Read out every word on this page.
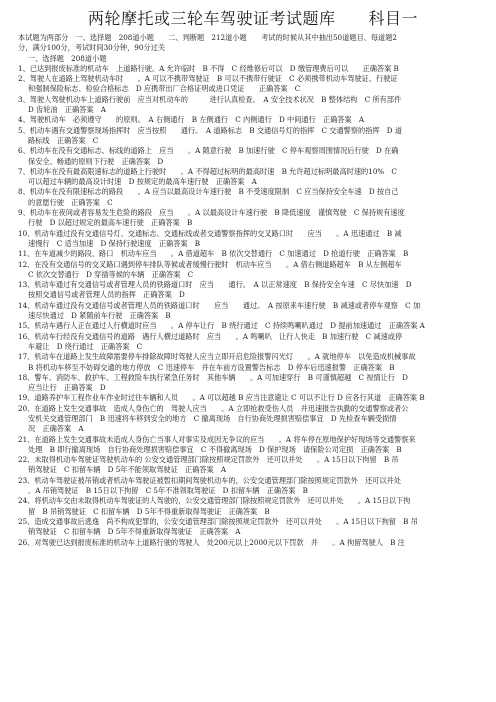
两轮摩托或三轮车驾驶证考试题库　　科目一
本试题为两部分　一、选择题　208道小题　　二、判断题　212道小题　　考试的时候从其中抽出50道题目、每道题2
分，满分100分，考试时间30分钟，90分过关
一、选择题　208道小题
1、已达到报废标准的机动车　上道路行驶。A 允许临时　B 不得　C 经维修后可以　D 缴管理费后可以　　正确答案 B
2、驾驶人在道路上驾驶机动车时　　。A 可以不携带驾驶证　B 可以不携带行驶证　C 必须携带机动车驾驶证、行驶证
和强制保险标志、检验合格标志　D 应携带出厂合格证明或进口凭证　　正确答案　C
3、驾驶人驾驶机动车上道路行驶前　应当对机动车的　　　进行认真检查。　A 安全技术状况　B 整体结构　C 所有部件
D 齿轮油　正确答案　A
4、驾驶机动车　必须遵守　　的原则。　A 右侧通行　B 左侧通行　C 内侧通行　D 中间通行　正确答案　A
5、机动车遇有交通警察现场指挥时　应当按照　　通行。　A 道路标志　B 交通信号灯的指挥　C 交通警察的指挥　D 道
路标线　正确答案　C
6、机动车在没有交通标志、标线的道路上　应当　　。A 随意行驶　B 加速行驶　C 停车观察周围情况后行驶　D 在确
保安全、畅通的原则下行驶　正确答案　D
7、机动车在没有最高限速标志的道路上行驶时　　。A 不得超过标明的最高时速　B 允许超过标明最高时速的10%　C
可以超过车辆的最高设计时速　D 按规定的最高车速行驶　正确答案　A
8、机动车在没有限速标志的路段　　。A 应当以最高设计车速行驶　B 不受速度限制　C 应当保持安全车速　D 按自己
的意愿行驶　正确答案　C
9、机动车在夜间或者容易发生危险的路段　应当　　。A 以最高设计车速行驶　B 降低速度　谨慎驾驶　C 保持规有速度
行驶　D 以超过规定的最高车速行驶　正确答案　B
10、机动车通过没有交通信号灯、交通标志、交通标线或者交通警察指挥的交叉路口时　　应当　　。A 迅速通过　B 减
速慢行　C 适当加速　D 保持行驶速度　正确答案　B
11、在车道减少的路段、路口　机动车应当　　。A 借道超车　B 依次交替通行　C 加速通过　D 抢道行驶　正确答案　B
12、在没有交通信号的交叉路口遇到停车排队等候或者缓慢行驶时　机动车应当　　。A 借右侧道路超车　B 从左侧超车
C 依次交替通行　D 穿插等候的车辆　正确答案　C
13、机动车通过有交通信号或者管理人员的铁路道口时　应当　　通行。　A 以正常速度　B 保持安全车速　C 尽快加速　D
按照交通信号或者管理人员的指挥　正确答案　D
14、机动车通过没有交通信号或者管理人员的铁路道口时　　应当　　通过。　A 按原来车速行驶　B 减速或者停车观察　C 加
速尽快通过　D 紧随前车行驶　正确答案　B
15、机动车遇行人正在通过人行横道时应当　　。A 停车让行　B 绕行通过　C 持续鸣喇叭通过　D 提前加速通过　正确答案 A
16、机动车行经没有交通信号的道路　遇行人横过道路时　应当　　。A 鸣喇叭　让行人快走　B 加速行驶　C 减速或停
车避让　D 绕行通过　正确答案　C
17、机动车在道路上发生故障需要停车排除故障时驾驶人应当立即开启危险报警闪光灯　　。A 就地停车　以免造成机械事故
B 将机动车移至不妨碍交通的地方停放　C 迅速停车　并在车前方设置警告标志　D 停车后迅速报警　正确答案　B
18、警车、消防车、救护车、工程救险车执行紧急任务时　其他车辆　　。A 可加速穿行　B 可谨慎超越　C 视情让行　D
应当让行　正确答案　D
19、道路养护车工程作业车作业时过往车辆和人员　　。A 可以超越 B 应当注意避让 C 可以不让行 D 应各行其道　正确答案 B
20、在道路上发生交通事故　造成人身伤亡的　驾驶人应当　　。A 立即抢救受伤人员　并迅速报告执勤的交通警察或者公
安机关交通管理部门　B 迅速将车移到安全的地方　C 撤离现场　自行协商处理损害赔偿事宜　D 先检查车辆受损情
况　正确答案　A
21、在道路上发生交通事故未造成人身伤亡当事人对事实及成因无争议的应当　　。A 将车停在原地保护好现场等交通警察来
处理　B 即行撤离现场　自行协商处理损害赔偿事宜　C 不得撤离现场　D 保护现场　请保险公司定损　正确答案　B
22、未取得机动车驾驶证驾驶机动车的 公安交通管理部门除按照规定罚款外　还可以并处　　。A 15日以下拘留　B 吊
销驾驶证　C 扣留车辆　D 5年不能领取驾驶证　正确答案　A
23、机动车驾驶证被吊销或者机动车驾驶证被暂扣期间驾驶机动车的，公安交通管理部门除按照规定罚款外　还可以并处
。A 吊销驾驶证　B 15日以下拘留　C 5年不准领取驾驶证　D 扣留车辆　正确答案　B
24、将机动车交由未取得机动车驾驶证的人驾驶的，公安交通管理部门除按照规定罚款外　还可以并处　　。A 15日以下拘
留　B 吊销驾驶证　C 扣留车辆　D 5年不得重新取得驾驶证　正确答案　B
25、造成交通事故后逃逸　尚不构成犯罪的，公安交通管理部门除按照规定罚款外　还可以并处　　。A 15日以下拘留　B 吊
销驾驶证　C 扣留车辆　D 5年不得重新取得驾驶证　正确答案　A
26、对驾驶已达到报废标准的机动车上道路行驶的驾驶人　处200元以上2000元以下罚款　并　　。A 拘留驾驶人　B 注
